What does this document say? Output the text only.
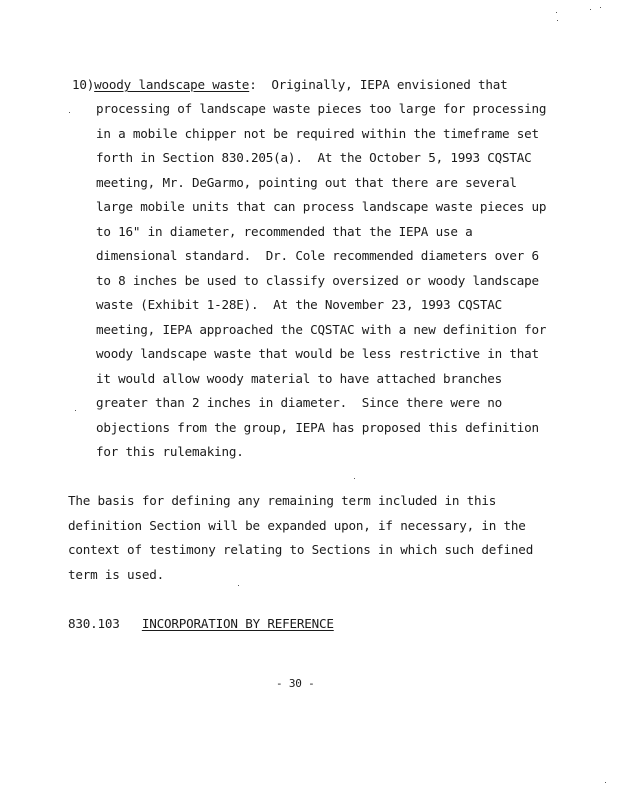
10)woody landscape waste:  Originally, IEPA envisioned that
processing of landscape waste pieces too large for processing
in a mobile chipper not be required within the timeframe set
forth in Section 830.205(a).  At the October 5, 1993 CQSTAC
meeting, Mr. DeGarmo, pointing out that there are several
large mobile units that can process landscape waste pieces up
to 16" in diameter, recommended that the IEPA use a
dimensional standard.  Dr. Cole recommended diameters over 6
to 8 inches be used to classify oversized or woody landscape
waste (Exhibit 1-28E).  At the November 23, 1993 CQSTAC
meeting, IEPA approached the CQSTAC with a new definition for
woody landscape waste that would be less restrictive in that
it would allow woody material to have attached branches
greater than 2 inches in diameter.  Since there were no
objections from the group, IEPA has proposed this definition
for this rulemaking.
The basis for defining any remaining term included in this
definition Section will be expanded upon, if necessary, in the
context of testimony relating to Sections in which such defined
term is used.
830.103 INCORPORATION BY REFERENCE
- 30 -
